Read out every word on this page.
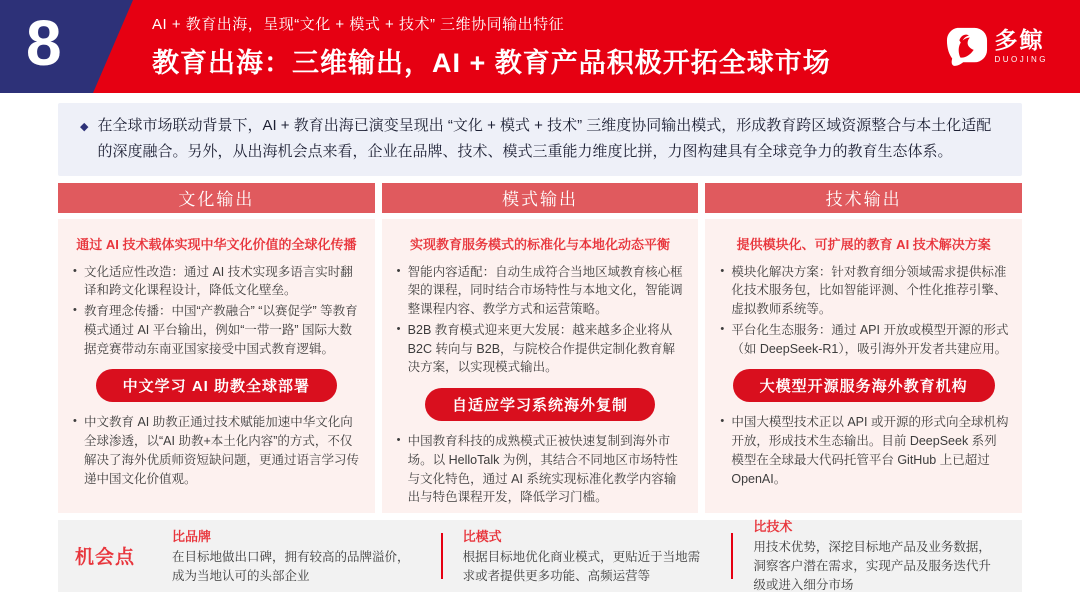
8	AI + 教育出海，呈现“文化 + 模式 + 技术” 三维协同输出特征
教育出海：三维输出，AI + 教育产品积极开拓全球市场
多鲸
DUOJING
◆ 在全球市场联动背景下，AI + 教育出海已演变呈现出 “文化 + 模式 + 技术” 三维度协同输出模式，形成教育跨区域资源整合与本土化适配的深度融合。另外，从出海机会点来看，企业在品牌、技术、模式三重能力维度比拼，力图构建具有全球竞争力的教育生态体系。
文化输出
通过 AI 技术载体实现中华文化价值的全球化传播
• 文化适应性改造：通过 AI 技术实现多语言实时翻译和跨文化课程设计，降低文化壁垒。
• 教育理念传播：中国“产教融合” “以赛促学” 等教育模式通过 AI 平台输出，例如“一带一路” 国际大数据竞赛带动东南亚国家接受中国式教育逻辑。
中文学习 AI 助教全球部署
• 中文教育 AI 助教正通过技术赋能加速中华文化向全球渗透，以“AI 助教+本土化内容”的方式，不仅解决了海外优质师资短缺问题，更通过语言学习传递中国文化价值观。
模式输出
实现教育服务模式的标准化与本地化动态平衡
• 智能内容适配：自动生成符合当地区域教育核心框架的课程，同时结合市场特性与本地文化，智能调整课程内容、教学方式和运营策略。
• B2B 教育模式迎来更大发展：越来越多企业将从 B2C 转向与 B2B，与院校合作提供定制化教育解决方案，以实现模式输出。
自适应学习系统海外复制
• 中国教育科技的成熟模式正被快速复制到海外市场。以 HelloTalk 为例，其结合不同地区市场特性与文化特色，通过 AI 系统实现标准化教学内容输出与特色课程开发，降低学习门槛。
技术输出
提供模块化、可扩展的教育 AI 技术解决方案
• 模块化解决方案：针对教育细分领域需求提供标准化技术服务包，比如智能评测、个性化推荐引擎、虚拟教师系统等。
• 平台化生态服务：通过 API 开放或模型开源的形式（如 DeepSeek-R1），吸引海外开发者共建应用。
大模型开源服务海外教育机构
• 中国大模型技术正以 API 或开源的形式向全球机构开放，形成技术生态输出。目前 DeepSeek 系列模型在全球最大代码托管平台 GitHub 上已超过 OpenAI。
机会点
比品牌
在目标地做出口碑，拥有较高的品牌溢价，成为当地认可的头部企业
比模式
根据目标地优化商业模式，更贴近于当地需求或者提供更多功能、高频运营等
比技术
用技术优势，深挖目标地产品及业务数据，洞察客户潜在需求，实现产品及服务迭代升级或进入细分市场
